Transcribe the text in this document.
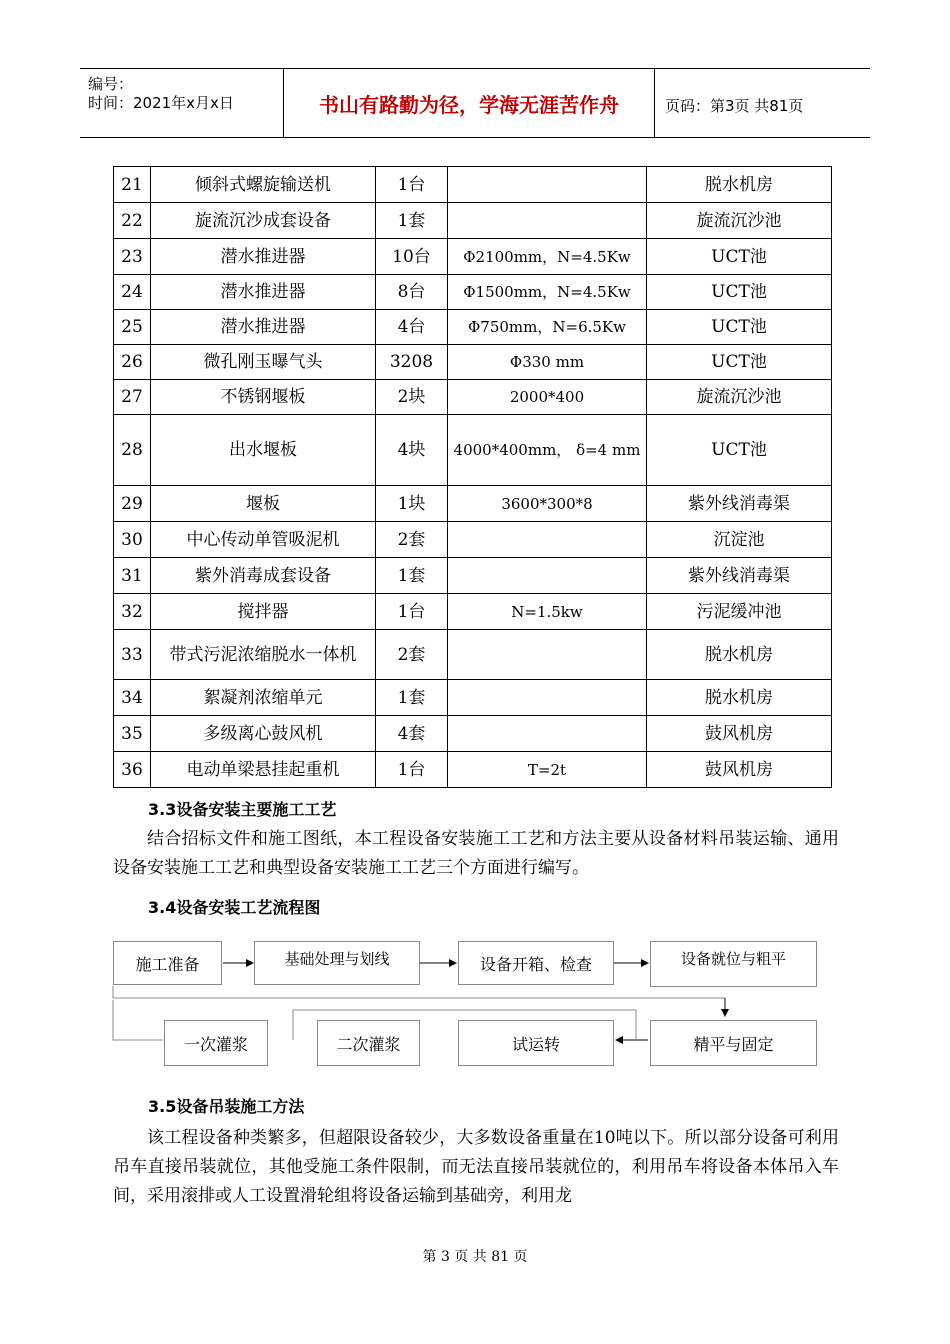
编号：
时间：2021年x月x日	书山有路勤为径，学海无涯苦作舟	页码：第3页 共81页
21	倾斜式螺旋输送机	1台		脱水机房
22	旋流沉沙成套设备	1套		旋流沉沙池
23	潜水推进器	10台	Φ2100mm，N=4.5Kw	UCT池
24	潜水推进器	8台	Φ1500mm，N=4.5Kw	UCT池
25	潜水推进器	4台	Φ750mm，N=6.5Kw	UCT池
26	微孔刚玉曝气头	3208	Φ330 mm	UCT池
27	不锈钢堰板	2块	2000*400	旋流沉沙池
28	出水堰板	4块	4000*400mm， δ=4 mm	UCT池
29	堰板	1块	3600*300*8	紫外线消毒渠
30	中心传动单管吸泥机	2套		沉淀池
31	紫外消毒成套设备	1套		紫外线消毒渠
32	搅拌器	1台	N=1.5kw	污泥缓冲池
33	带式污泥浓缩脱水一体机	2套		脱水机房
34	絮凝剂浓缩单元	1套		脱水机房
35	多级离心鼓风机	4套		鼓风机房
36	电动单梁悬挂起重机	1台	T=2t	鼓风机房
3.3设备安装主要施工工艺
结合招标文件和施工图纸，本工程设备安装施工工艺和方法主要从设备材料吊装运输、通用设备安装施工工艺和典型设备安装施工工艺三个方面进行编写。
3.4设备安装工艺流程图
施工准备	基础处理与划线	设备开箱、检查	设备就位与粗平
精平与固定
试运转
二次灌浆
一次灌浆
3.5设备吊装施工方法
该工程设备种类繁多，但超限设备较少，大多数设备重量在10吨以下。所以部分设备可利用吊车直接吊装就位，其他受施工条件限制，而无法直接吊装就位的，利用吊车将设备本体吊入车间，采用滚排或人工设置滑轮组将设备运输到基础旁，利用龙
第 3 页 共 81 页
